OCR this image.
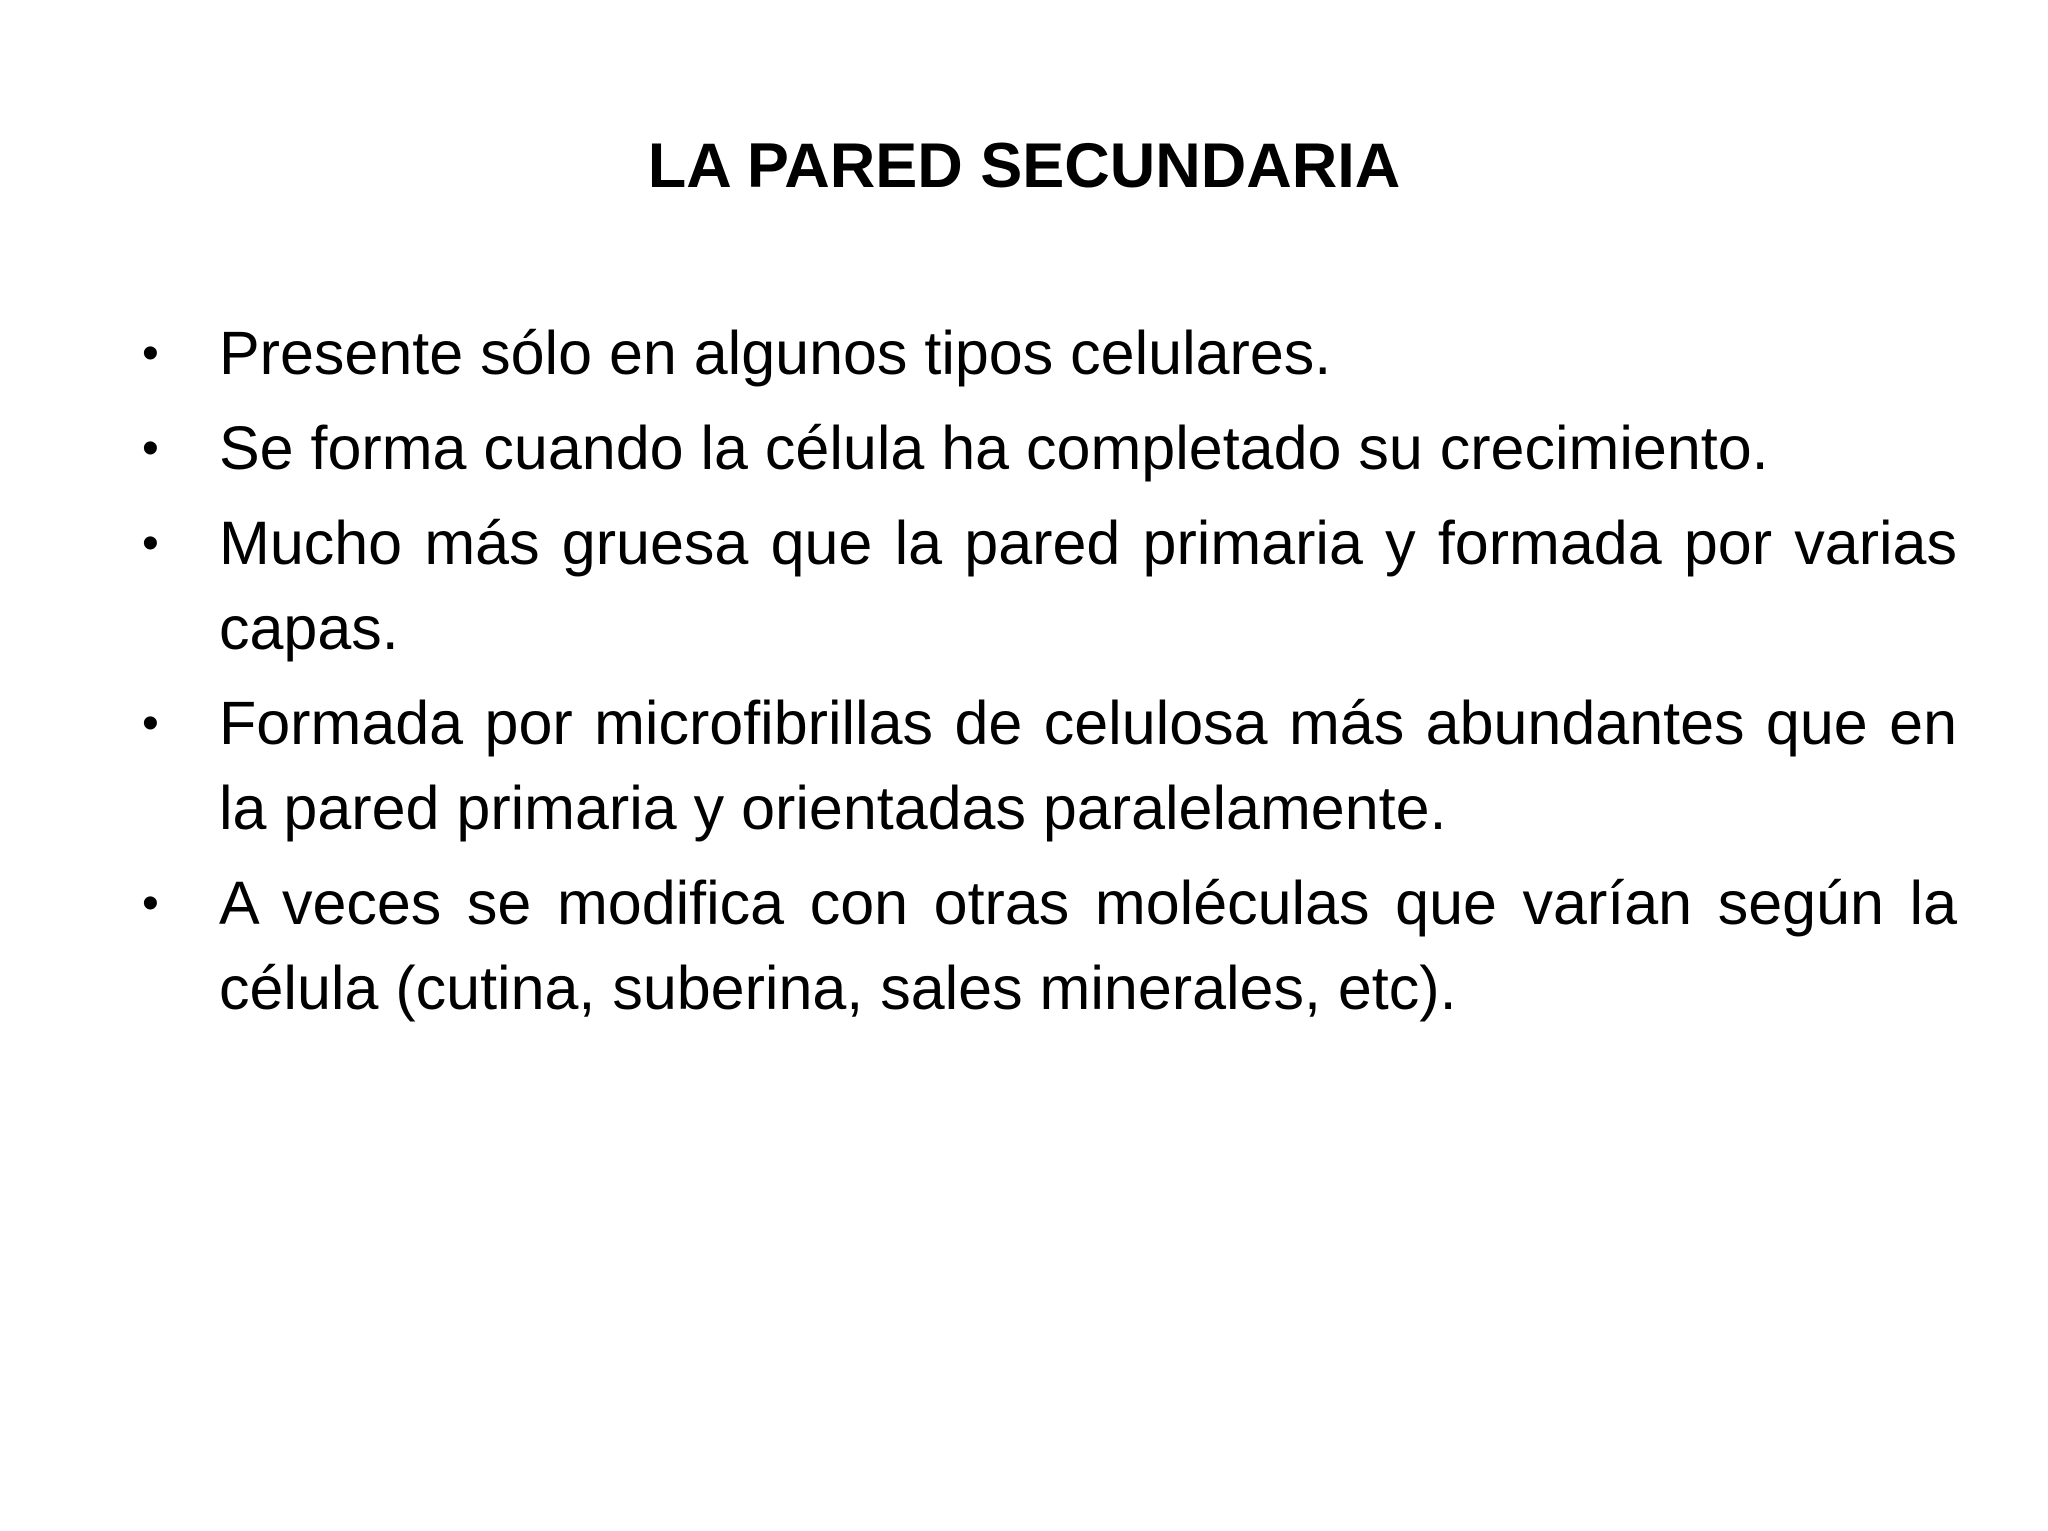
LA PARED SECUNDARIA
• Presente sólo en algunos tipos celulares.
• Se forma cuando la célula ha completado su crecimiento.
• Mucho más gruesa que la pared primaria y formada por varias capas.
• Formada por microfibrillas de celulosa más abundantes que en la pared primaria y orientadas paralelamente.
• A veces se modifica con otras moléculas que varían según la célula (cutina, suberina, sales minerales, etc).
